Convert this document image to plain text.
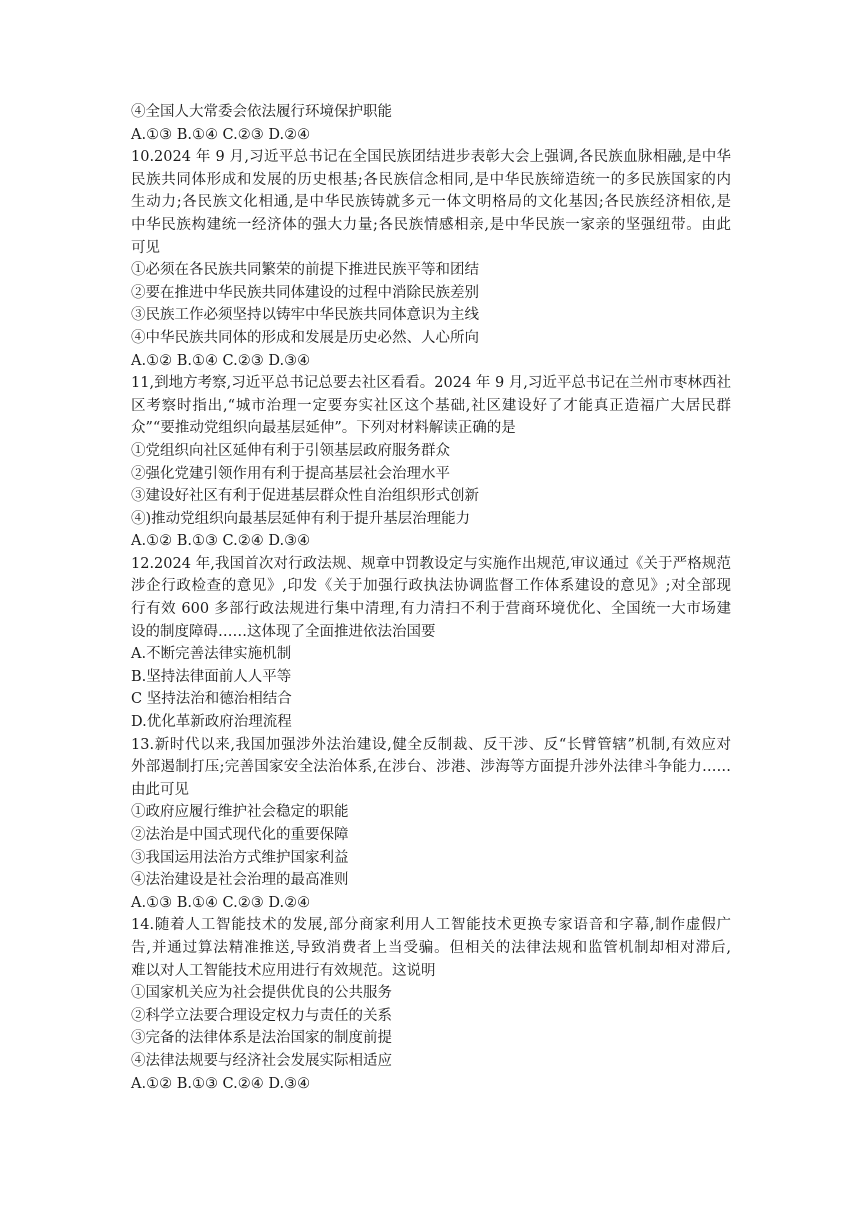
④全国人大常委会依法履行环境保护职能
A.①③ B.①④ C.②③ D.②④
10.2024 年 9 月,习近平总书记在全国民族团结进步表彰大会上强调,各民族血脉相融,是中华
民族共同体形成和发展的历史根基;各民族信念相同,是中华民族缔造统一的多民族国家的内
生动力;各民族文化相通,是中华民族铸就多元一体文明格局的文化基因;各民族经济相依,是
中华民族构建统一经济体的强大力量;各民族情感相亲,是中华民族一家亲的坚强纽带。由此
可见
①必须在各民族共同繁荣的前提下推进民族平等和团结
②要在推进中华民族共同体建设的过程中消除民族差别
③民族工作必须坚持以铸牢中华民族共同体意识为主线
④中华民族共同体的形成和发展是历史必然、人心所向
A.①② B.①④ C.②③ D.③④
11,到地方考察,习近平总书记总要去社区看看。2024 年 9 月,习近平总书记在兰州市枣林西社
区考察时指出,“城市治理一定要夯实社区这个基础,社区建设好了才能真正造福广大居民群
众”“要推动党组织向最基层延伸”。下列对材料解读正确的是
①党组织向社区延伸有利于引领基层政府服务群众
②强化党建引领作用有利于提高基层社会治理水平
③建设好社区有利于促进基层群众性自治组织形式创新
④)推动党组织向最基层延伸有利于提升基层治理能力
A.①② B.①③ C.②④ D.③④
12.2024 年,我国首次对行政法规、规章中罚教设定与实施作出规范,审议通过《关于严格规范
涉企行政检查的意见》,印发《关于加强行政执法协调监督工作体系建设的意见》;对全部现
行有效 600 多部行政法规进行集中清理,有力清扫不利于营商环境优化、全国统一大市场建
设的制度障碍……这体现了全面推进依法治国要
A.不断完善法律实施机制
B.坚持法律面前人人平等
C 坚持法治和德治相结合
D.优化革新政府治理流程
13.新时代以来,我国加强涉外法治建设,健全反制裁、反干涉、反“长臂管辖”机制,有效应对
外部遏制打压;完善国家安全法治体系,在涉台、涉港、涉海等方面提升涉外法律斗争能力……
由此可见
①政府应履行维护社会稳定的职能
②法治是中国式现代化的重要保障
③我国运用法治方式维护国家利益
④法治建设是社会治理的最高准则
A.①③ B.①④ C.②③ D.②④
14.随着人工智能技术的发展,部分商家利用人工智能技术更换专家语音和字幕,制作虚假广
告,并通过算法精准推送,导致消费者上当受骗。但相关的法律法规和监管机制却相对滞后,
难以对人工智能技术应用进行有效规范。这说明
①国家机关应为社会提供优良的公共服务
②科学立法要合理设定权力与责任的关系
③完备的法律体系是法治国家的制度前提
④法律法规要与经济社会发展实际相适应
A.①② B.①③ C.②④ D.③④
